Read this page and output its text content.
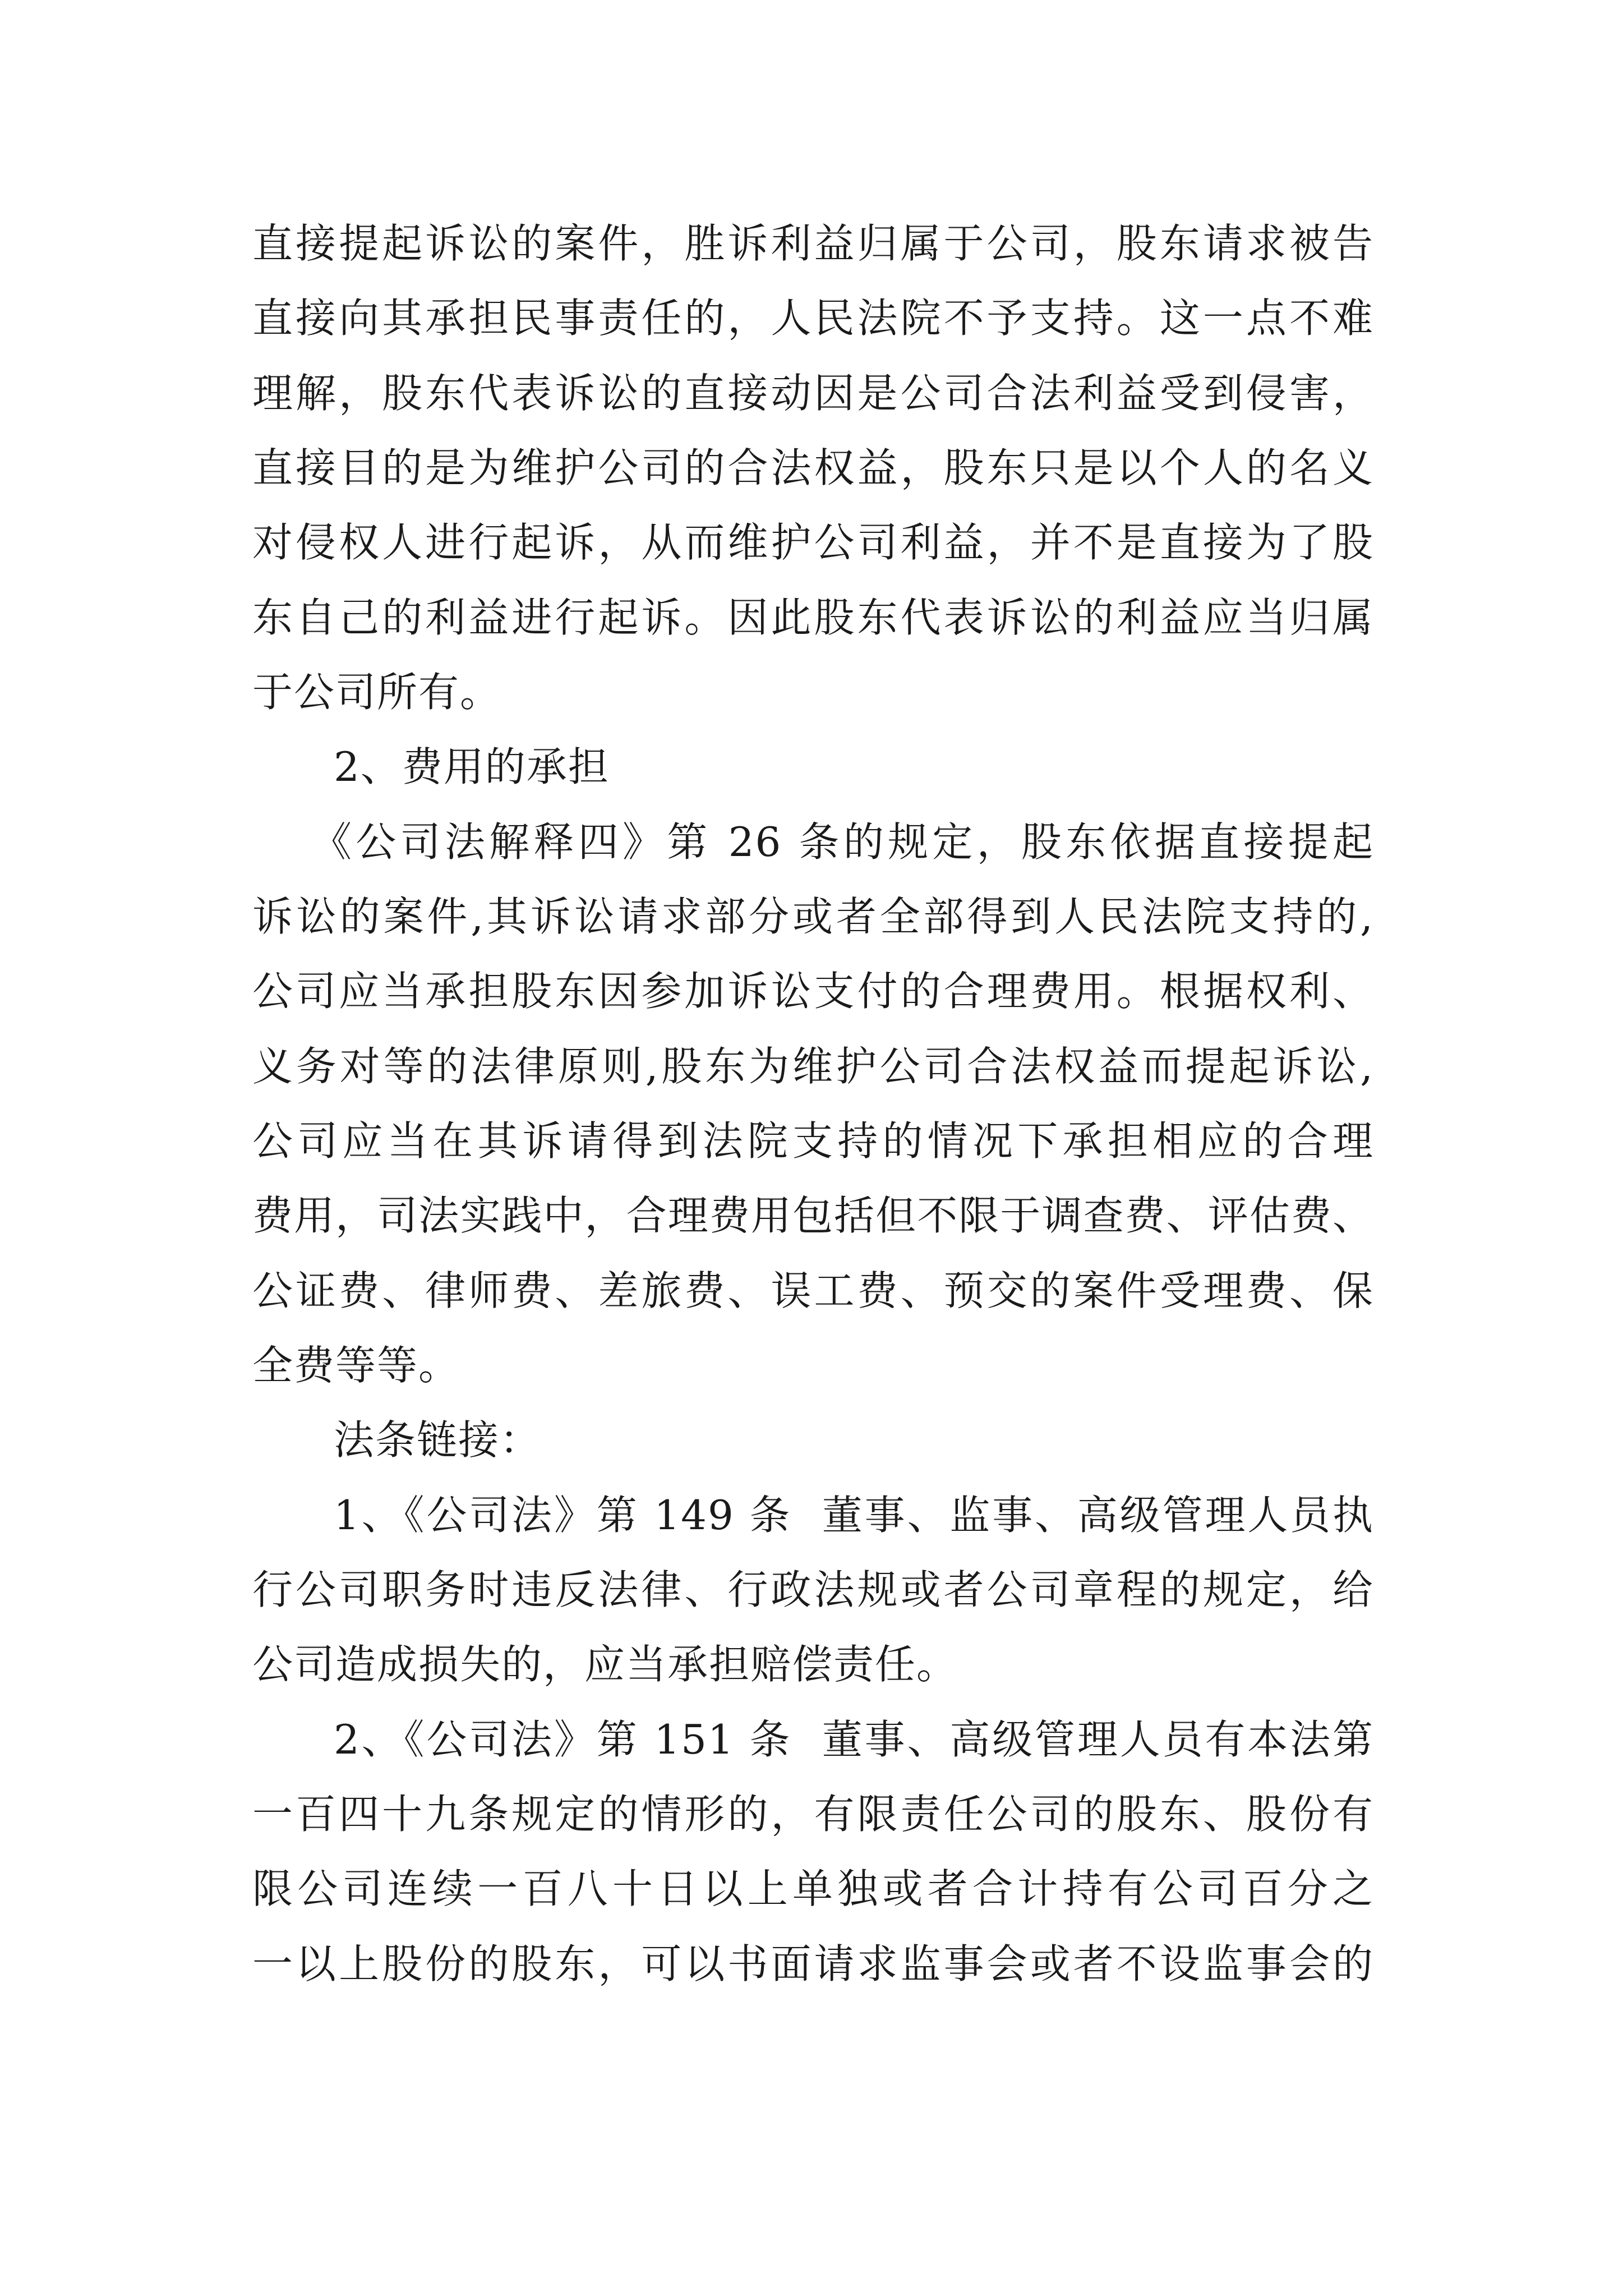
直接提起诉讼的案件，胜诉利益归属于公司，股东请求被告

直接向其承担民事责任的，人民法院不予支持。这一点不难

理解，股东代表诉讼的直接动因是公司合法利益受到侵害，

直接目的是为维护公司的合法权益，股东只是以个人的名义

对侵权人进行起诉，从而维护公司利益，并不是直接为了股

东自己的利益进行起诉。因此股东代表诉讼的利益应当归属

于公司所有。

2、费用的承担

《公司法解释四》第 26 条的规定，股东依据直接提起

诉讼的案件,其诉讼请求部分或者全部得到人民法院支持的,

公司应当承担股东因参加诉讼支付的合理费用。根据权利、

义务对等的法律原则,股东为维护公司合法权益而提起诉讼,

公司应当在其诉请得到法院支持的情况下承担相应的合理

费用，司法实践中，合理费用包括但不限于调查费、评估费、

公证费、律师费、差旅费、误工费、预交的案件受理费、保

全费等等。

法条链接：

1、《公司法》第 149 条  董事、监事、高级管理人员执

行公司职务时违反法律、行政法规或者公司章程的规定，给

公司造成损失的，应当承担赔偿责任。

2、《公司法》第 151 条  董事、高级管理人员有本法第

一百四十九条规定的情形的，有限责任公司的股东、股份有

限公司连续一百八十日以上单独或者合计持有公司百分之

一以上股份的股东，可以书面请求监事会或者不设监事会的
